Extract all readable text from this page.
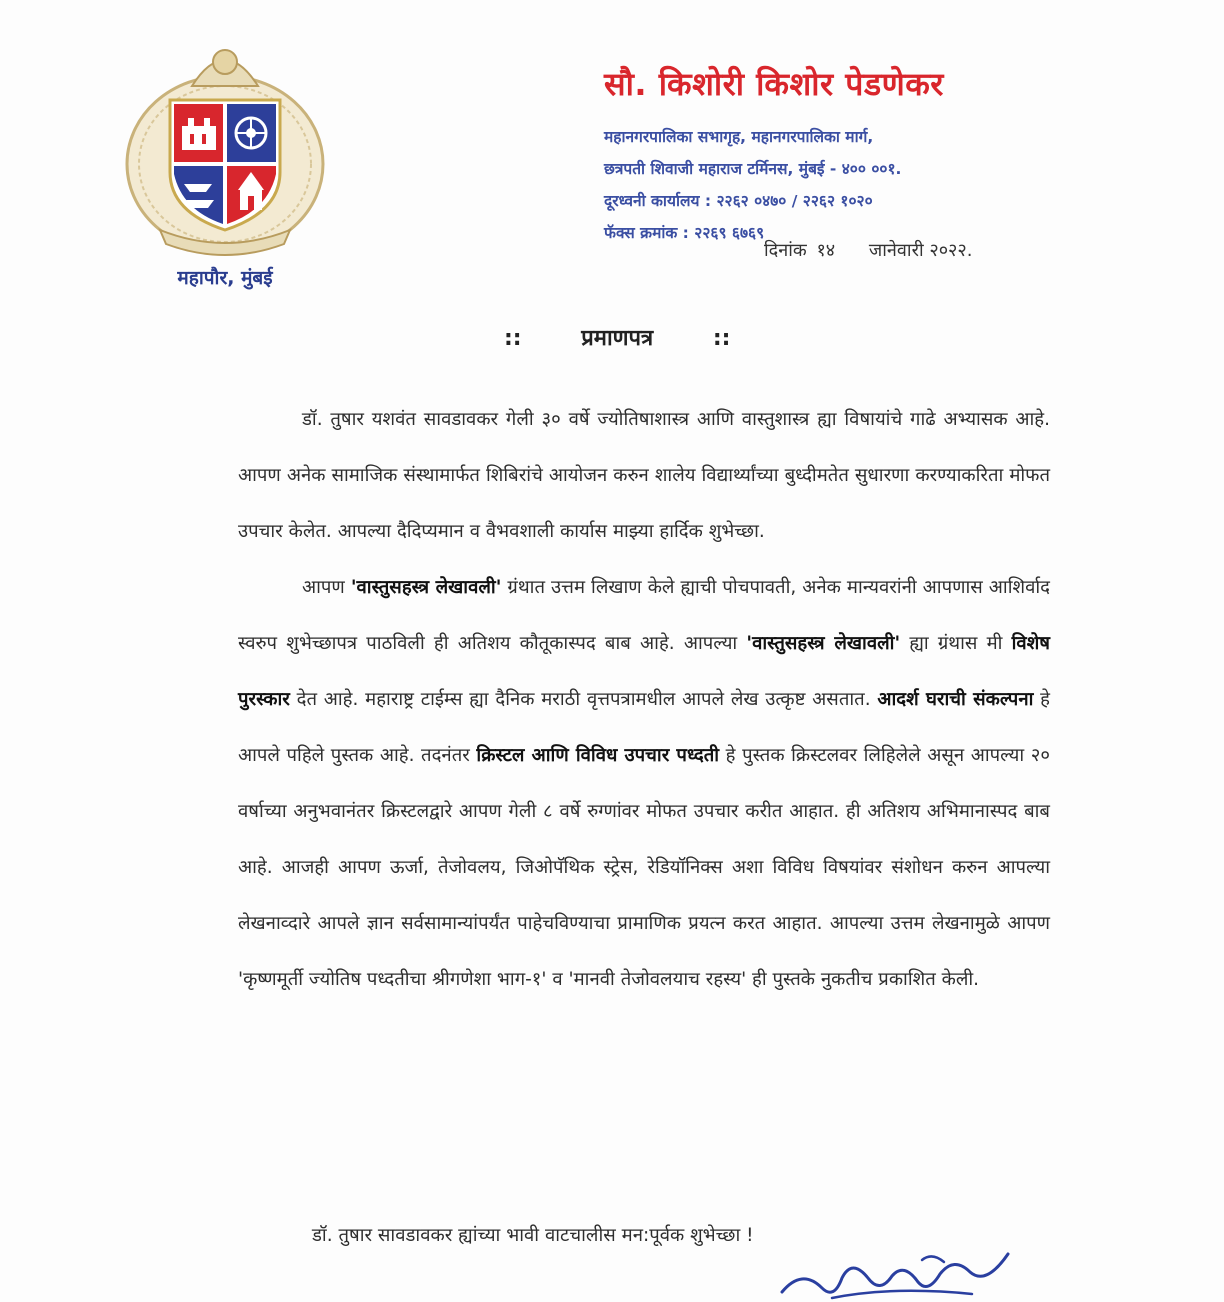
महापौर, मुंबई
सौ. किशोरी किशोर पेडणेकर

महानगरपालिका सभागृह, महानगरपालिका मार्ग,

छत्रपती शिवाजी महाराज टर्मिनस, मुंबई - ४०० ००१.

दूरध्वनी कार्यालय : २२६२ ०४७० / २२६२ १०२०

फॅक्स क्रमांक : २२६९ ६७६९

दिनांक १४ जानेवारी २०२२.
::	प्रमाणपत्र	::

डॉ. तुषार यशवंत सावडावकर गेली ३० वर्षे ज्योतिषाशास्त्र आणि वास्तुशास्त्र ह्या विषायांचे गाढे अभ्यासक आहे. आपण अनेक सामाजिक संस्थामार्फत शिबिरांचे आयोजन करुन शालेय विद्यार्थ्यांच्या बुध्दीमतेत सुधारणा करण्याकरिता मोफत उपचार केलेत. आपल्या दैदिप्यमान व वैभवशाली कार्यास माझ्या हार्दिक शुभेच्छा.

आपण 'वास्तुसहस्त्र लेखावली' ग्रंथात उत्तम लिखाण केले ह्याची पोचपावती, अनेक मान्यवरांनी आपणास आशिर्वाद स्वरुप शुभेच्छापत्र पाठविली ही अतिशय कौतूकास्पद बाब आहे. आपल्या 'वास्तुसहस्त्र लेखावली' ह्या ग्रंथास मी विशेष पुरस्कार देत आहे. महाराष्ट्र टाईम्स ह्या दैनिक मराठी वृत्तपत्रामधील आपले लेख उत्कृष्ट असतात. आदर्श घराची संकल्पना हे आपले पहिले पुस्तक आहे. तदनंतर क्रिस्टल आणि विविध उपचार पध्दती हे पुस्तक क्रिस्टलवर लिहिलेले असून आपल्या २० वर्षाच्या अनुभवानंतर क्रिस्टलद्वारे आपण गेली ८ वर्षे रुग्णांवर मोफत उपचार करीत आहात. ही अतिशय अभिमानास्पद बाब आहे. आजही आपण ऊर्जा, तेजोवलय, जिओपॅथिक स्ट्रेस, रेडियॉनिक्स अशा विविध विषयांवर संशोधन करुन आपल्या लेखनाव्दारे आपले ज्ञान सर्वसामान्यांपर्यंत पाहेचविण्याचा प्रामाणिक प्रयत्न करत आहात. आपल्या उत्तम लेखनामुळे आपण 'कृष्णमूर्ती ज्योतिष पध्दतीचा श्रीगणेशा भाग-१' व 'मानवी तेजोवलयाच रहस्य' ही पुस्तके नुकतीच प्रकाशित केली.

डॉ. तुषार सावडावकर ह्यांच्या भावी वाटचालीस मन:पूर्वक शुभेच्छा !
